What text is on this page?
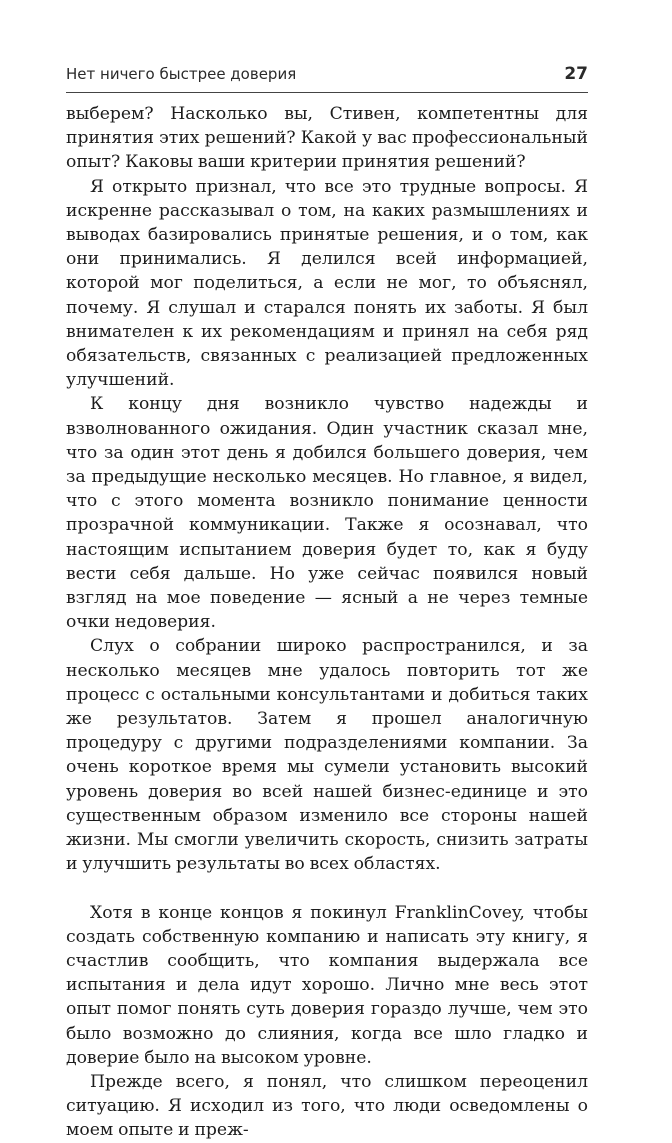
Нет ничего быстрее доверия	27

выберем? Насколько вы, Стивен, компетентны для принятия этих решений? Какой у вас профессиональный опыт? Каковы ваши критерии принятия решений?

Я открыто признал, что все это трудные вопросы. Я искренне рассказывал о том, на каких размышлениях и выводах базировались принятые решения, и о том, как они принимались. Я делился всей информацией, которой мог поделиться, а если не мог, то объяснял, почему. Я слушал и старался понять их заботы. Я был внимателен к их рекомендациям и принял на себя ряд обязательств, связанных с реализацией предложенных улучшений.

К концу дня возникло чувство надежды и взволнованного ожидания. Один участник сказал мне, что за один этот день я добился большего доверия, чем за предыдущие несколько месяцев. Но главное, я видел, что с этого момента возникло понимание ценности прозрачной коммуникации. Также я осознавал, что настоящим испытанием доверия будет то, как я буду вести себя дальше. Но уже сейчас появился новый взгляд на мое поведение — ясный а не через темные очки недоверия.

Слух о собрании широко распространился, и за несколько месяцев мне удалось повторить тот же процесс с остальными консультантами и добиться таких же результатов. Затем я прошел аналогичную процедуру с другими подразделениями компании. За очень короткое время мы сумели установить высокий уровень доверия во всей нашей бизнес-единице и это существенным образом изменило все стороны нашей жизни. Мы смогли увеличить скорость, снизить затраты и улучшить результаты во всех областях.

Хотя в конце концов я покинул FranklinCovey, чтобы создать собственную компанию и написать эту книгу, я счастлив сообщить, что компания выдержала все испытания и дела идут хорошо. Лично мне весь этот опыт помог понять суть доверия гораздо лучше, чем это было возможно до слияния, когда все шло гладко и доверие было на высоком уровне.

Прежде всего, я понял, что слишком переоценил ситуацию. Я исходил из того, что люди осведомлены о моем опыте и преж-
